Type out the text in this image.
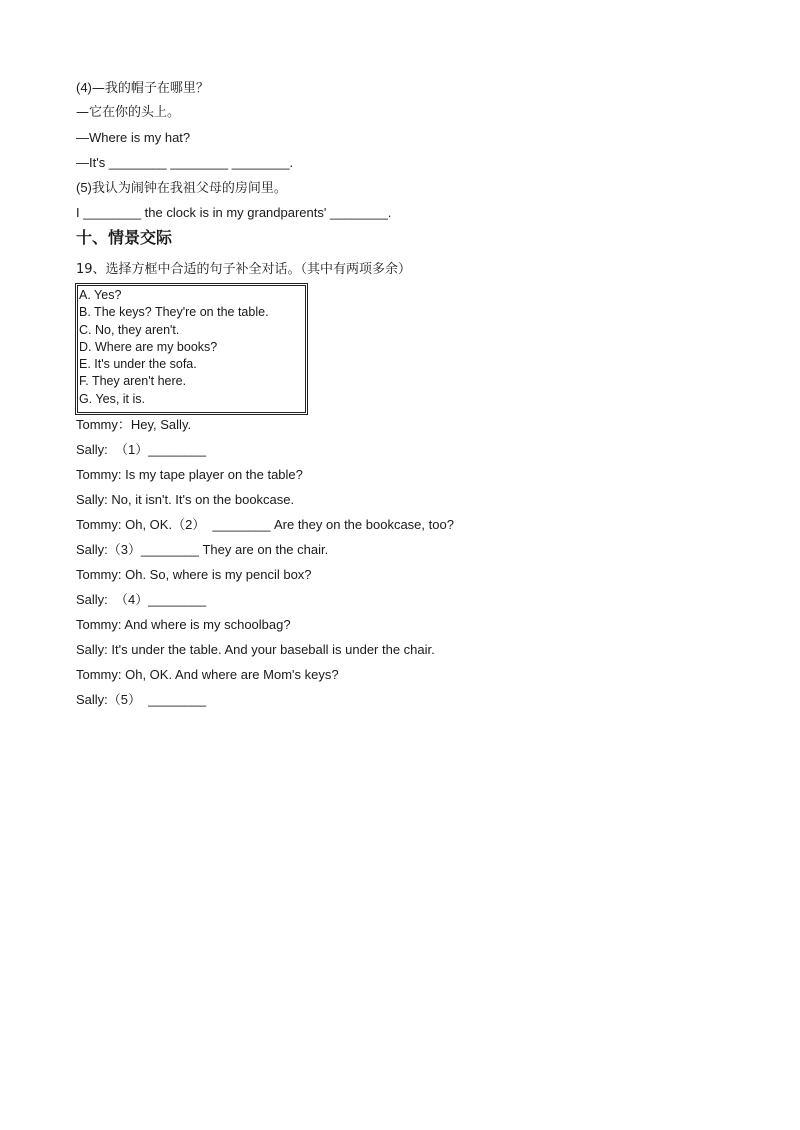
(4)—我的帽子在哪里？
—它在你的头上。
—Where is my hat?
—It's ________ ________ ________.
(5)我认为闹钟在我祖父母的房间里。
I ________ the clock is in my grandparents' ________.
十、情景交际
19、选择方框中合适的句子补全对话。（其中有两项多余）
A. Yes?
B. The keys? They're on the table.
C. No, they aren't.
D. Where are my books?
E. It's under the sofa.
F. They aren't here.
G. Yes, it is.
Tommy：Hey, Sally.
Sally:  （1）________
Tommy: Is my tape player on the table?
Sally: No, it isn't. It's on the bookcase.
Tommy: Oh, OK.（2）  ________ Are they on the bookcase, too?
Sally:（3）________ They are on the chair.
Tommy: Oh. So, where is my pencil box?
Sally:  （4）________
Tommy: And where is my schoolbag?
Sally: It's under the table. And your baseball is under the chair.
Tommy: Oh, OK. And where are Mom's keys?
Sally:（5）  ________
